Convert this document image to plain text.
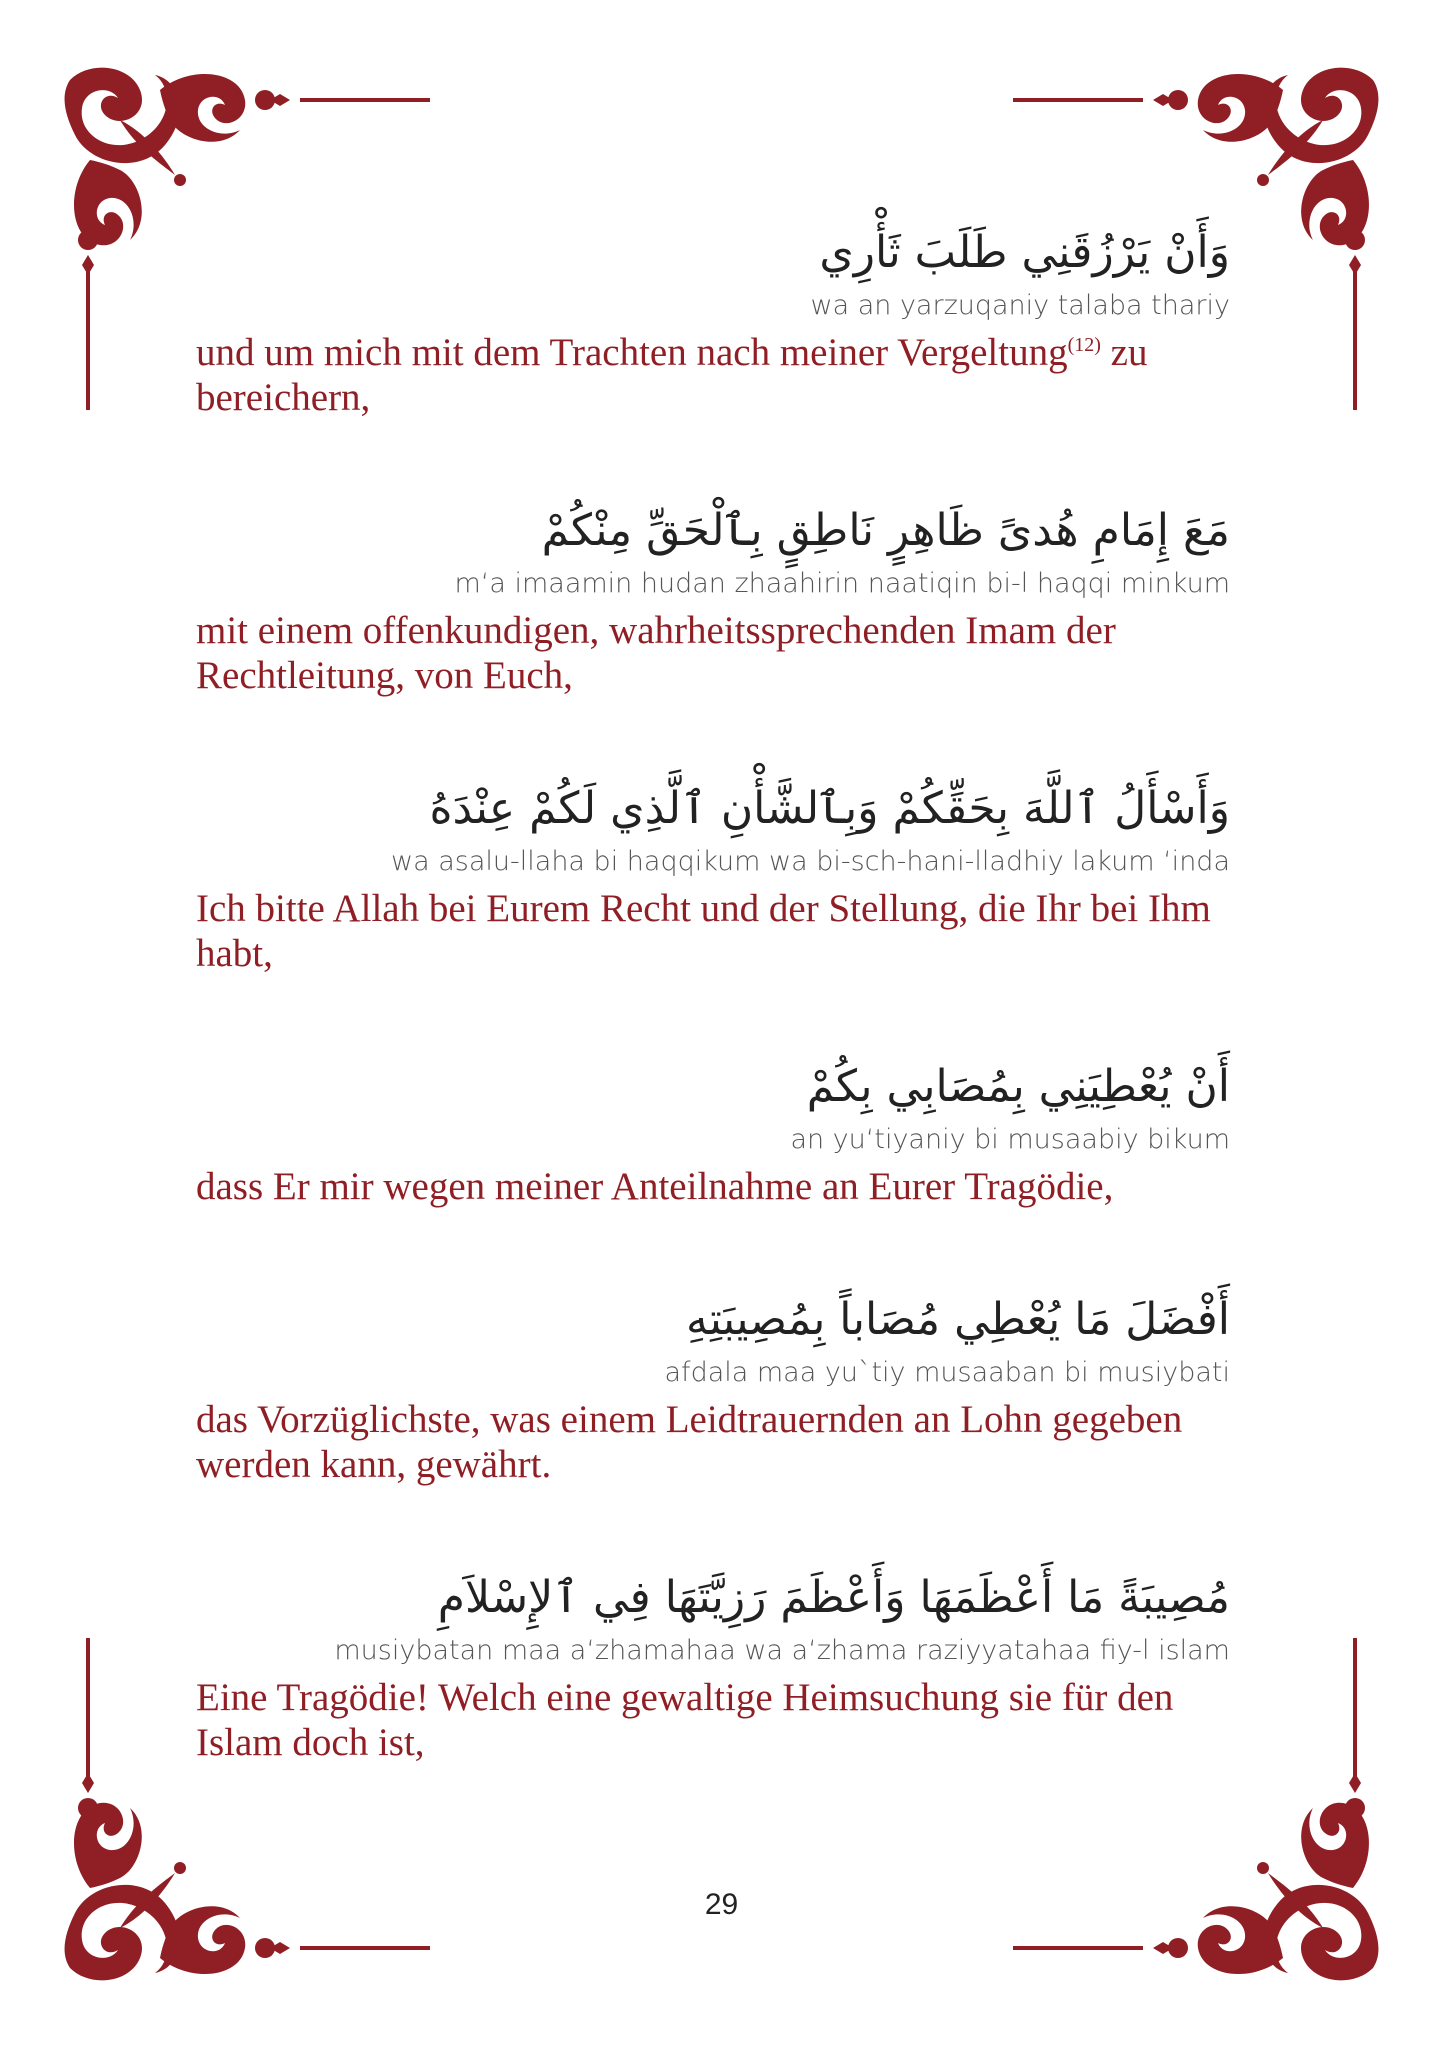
وَأَنْ يَرْزُقَنِي طَلَبَ ثَأْرِي
wa an yarzuqaniy talaba thariy
und um mich mit dem Trachten nach meiner Vergeltung$^{(12)}$ zu bereichern,
مَعَ إِمَامِ هُدىً ظَاهِرٍ نَاطِقٍ بِٱلْحَقِّ مِنْكُمْ
m‘a imaamin hudan zhaahirin naatiqin bi-l haqqi minkum
mit einem offenkundigen, wahrheitssprechenden Imam der Rechtleitung, von Euch,
وَأَسْأَلُ ٱللَّهَ بِحَقِّكُمْ وَبِٱلشَّأْنِ ٱلَّذِي لَكُمْ عِنْدَهُ
wa asalu-llaha bi haqqikum wa bi-sch-hani-lladhiy lakum ‘inda
Ich bitte Allah bei Eurem Recht und der Stellung, die Ihr bei Ihm habt,
أَنْ يُعْطِيَنِي بِمُصَابِي بِكُمْ
an yu‘tiyaniy bi musaabiy bikum
dass Er mir wegen meiner Anteilnahme an Eurer Tragödie,
أَفْضَلَ مَا يُعْطِي مُصَاباً بِمُصِيبَتِهِ
afdala maa yu`tiy musaaban bi musiybati
das Vorzüglichste, was einem Leidtrauernden an Lohn gegeben werden kann, gewährt.
مُصِيبَةً مَا أَعْظَمَهَا وَأَعْظَمَ رَزِيَّتَهَا فِي ٱلإِسْلاَمِ
musiybatan maa a‘zhamahaa wa a‘zhama raziyyatahaa fiy-l islam
Eine Tragödie! Welch eine gewaltige Heimsuchung sie für den Islam doch ist,
29
